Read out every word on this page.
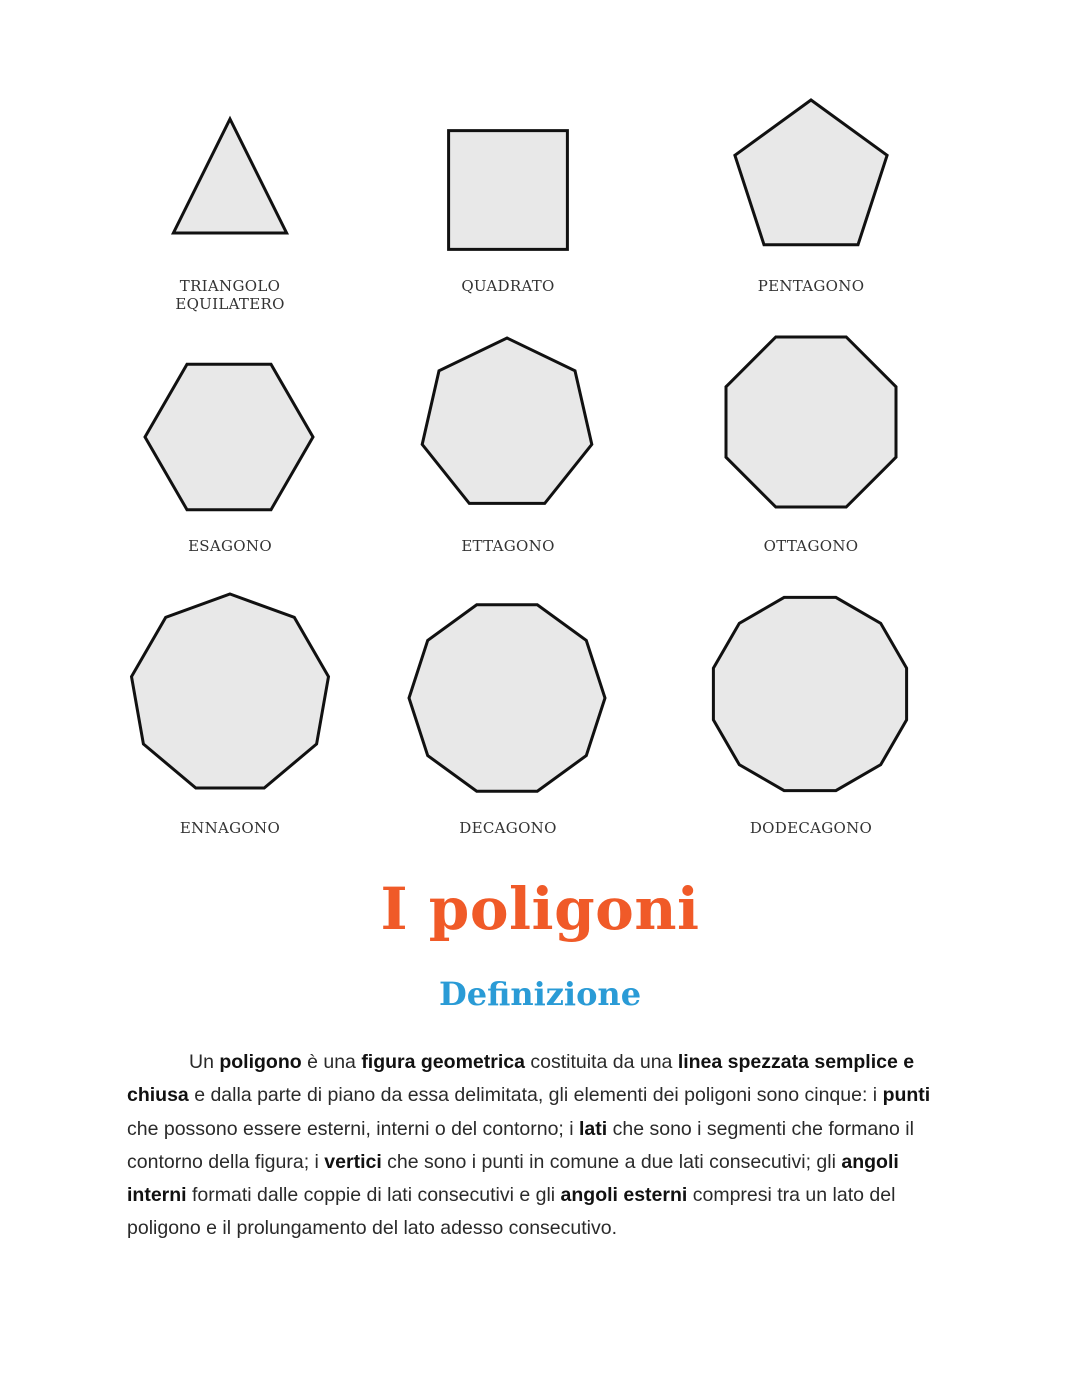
TRIANGOLO
EQUILATERO
QUADRATO	PENTAGONO
ESAGONO	ETTAGONO	OTTAGONO
ENNAGONO	DECAGONO	DODECAGONO
I poligoni
Definizione

Un poligono è una figura geometrica costituita da una linea spezzata semplice e chiusa e dalla parte di piano da essa delimitata, gli elementi dei poligoni sono cinque: i punti che possono essere esterni, interni o del contorno; i lati che sono i segmenti che formano il contorno della figura; i vertici che sono i punti in comune a due lati consecutivi; gli angoli interni formati dalle coppie di lati consecutivi e gli angoli esterni compresi tra un lato del poligono e il prolungamento del lato adesso consecutivo.
